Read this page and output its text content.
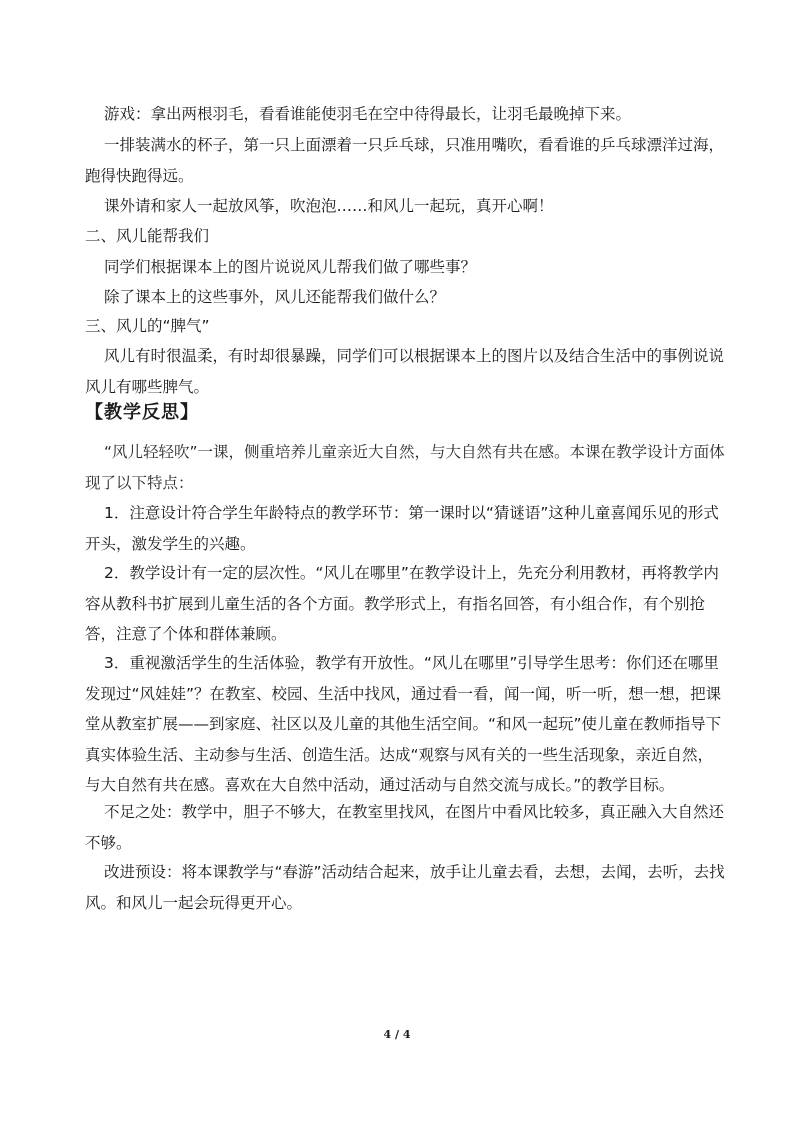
游戏：拿出两根羽毛，看看谁能使羽毛在空中待得最长，让羽毛最晚掉下来。

一排装满水的杯子，第一只上面漂着一只乒乓球，只准用嘴吹，看看谁的乒乓球漂洋过海，跑得快跑得远。

课外请和家人一起放风筝，吹泡泡……和风儿一起玩，真开心啊！

二、风儿能帮我们

同学们根据课本上的图片说说风儿帮我们做了哪些事？

除了课本上的这些事外，风儿还能帮我们做什么？

三、风儿的“脾气”

风儿有时很温柔，有时却很暴躁，同学们可以根据课本上的图片以及结合生活中的事例说说风儿有哪些脾气。

【教学反思】

“风儿轻轻吹”一课，侧重培养儿童亲近大自然，与大自然有共在感。本课在教学设计方面体现了以下特点：

1．注意设计符合学生年龄特点的教学环节：第一课时以“猜谜语”这种儿童喜闻乐见的形式开头，激发学生的兴趣。

2．教学设计有一定的层次性。“风儿在哪里”在教学设计上，先充分利用教材，再将教学内容从教科书扩展到儿童生活的各个方面。教学形式上，有指名回答，有小组合作，有个别抢答，注意了个体和群体兼顾。

3．重视激活学生的生活体验，教学有开放性。“风儿在哪里”引导学生思考：你们还在哪里发现过“风娃娃”？在教室、校园、生活中找风，通过看一看，闻一闻，听一听，想一想，把课堂从教室扩展——到家庭、社区以及儿童的其他生活空间。“和风一起玩”使儿童在教师指导下真实体验生活、主动参与生活、创造生活。达成“观察与风有关的一些生活现象，亲近自然，与大自然有共在感。喜欢在大自然中活动，通过活动与自然交流与成长。”的教学目标。

不足之处：教学中，胆子不够大，在教室里找风，在图片中看风比较多，真正融入大自然还不够。

改进预设：将本课教学与“春游”活动结合起来，放手让儿童去看，去想，去闻，去听，去找风。和风儿一起会玩得更开心。

4 / 4
